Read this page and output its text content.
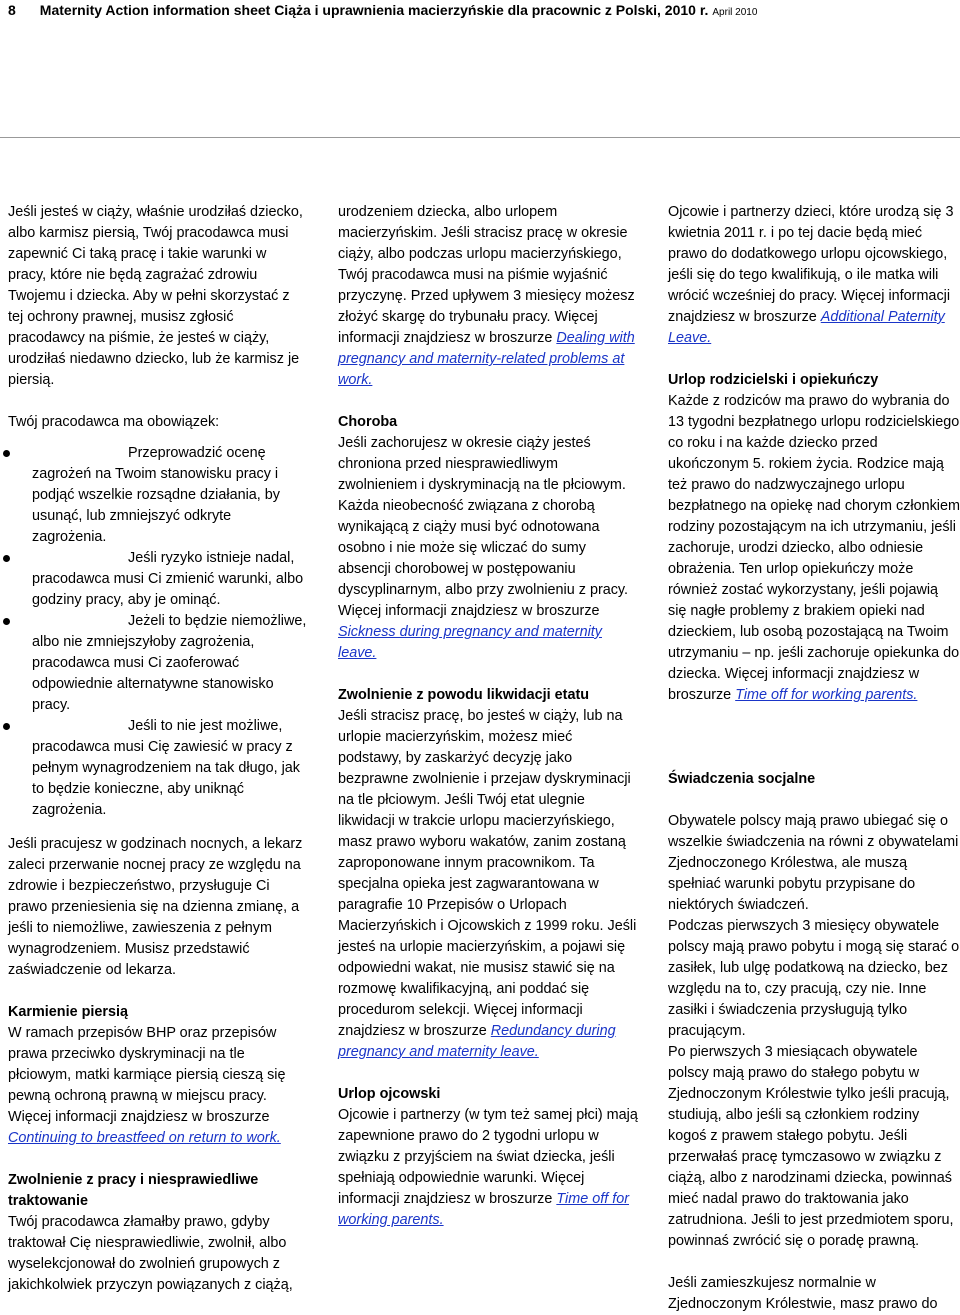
8 Maternity Action information sheet Ciąża i uprawnienia macierzyńskie dla pracownic z Polski, 2010 r. April 2010

Jeśli jesteś w ciąży, właśnie urodziłaś dziecko, albo karmisz piersią, Twój pracodawca musi zapewnić Ci taką pracę i takie warunki w pracy, które nie będą zagrażać zdrowiu Twojemu i dziecka. Aby w pełni skorzystać z tej ochrony prawnej, musisz zgłosić pracodawcy na piśmie, że jesteś w ciąży, urodziłaś niedawno dziecko, lub że karmisz je piersią.

Twój pracodawca ma obowiązek:

Przeprowadzić ocenę zagrożeń na Twoim stanowisku pracy i podjąć wszelkie rozsądne działania, by usunąć, lub zmniejszyć odkryte zagrożenia.
Jeśli ryzyko istnieje nadal, pracodawca musi Ci zmienić warunki, albo godziny pracy, aby je ominąć.
Jeżeli to będzie niemożliwe, albo nie zmniejszyłoby zagrożenia, pracodawca musi Ci zaoferować odpowiednie alternatywne stanowisko pracy.
Jeśli to nie jest możliwe, pracodawca musi Cię zawiesić w pracy z pełnym wynagrodzeniem na tak długo, jak to będzie konieczne, aby uniknąć zagrożenia.

Jeśli pracujesz w godzinach nocnych, a lekarz zaleci przerwanie nocnej pracy ze względu na zdrowie i bezpieczeństwo, przysługuje Ci prawo przeniesienia się na dzienna zmianę, a jeśli to niemożliwe, zawieszenia z pełnym wynagrodzeniem. Musisz przedstawić zaświadczenie od lekarza.

Karmienie piersią

W ramach przepisów BHP oraz przepisów prawa przeciwko dyskryminacji na tle płciowym, matki karmiące piersią cieszą się pewną ochroną prawną w miejscu pracy. Więcej informacji znajdziesz w broszurze Continuing to breastfeed on return to work.

Zwolnienie z pracy i niesprawiedliwe traktowanie

Twój pracodawca złamałby prawo, gdyby traktował Cię niesprawiedliwie, zwolnił, albo wyselekcjonował do zwolnień grupowych z jakichkolwiek przyczyn powiązanych z ciążą,

urodzeniem dziecka, albo urlopem macierzyńskim. Jeśli stracisz pracę w okresie ciąży, albo podczas urlopu macierzyńskiego, Twój pracodawca musi na piśmie wyjaśnić przyczynę. Przed upływem 3 miesięcy możesz złożyć skargę do trybunału pracy. Więcej informacji znajdziesz w broszurze Dealing with pregnancy and maternity-related problems at work.

Choroba

Jeśli zachorujesz w okresie ciąży jesteś chroniona przed niesprawiedliwym zwolnieniem i dyskryminacją na tle płciowym. Każda nieobecność związana z chorobą wynikającą z ciąży musi być odnotowana osobno i nie może się wliczać do sumy absencji chorobowej w postępowaniu dyscyplinarnym, albo przy zwolnieniu z pracy. Więcej informacji znajdziesz w broszurze Sickness during pregnancy and maternity leave.

Zwolnienie z powodu likwidacji etatu

Jeśli stracisz pracę, bo jesteś w ciąży, lub na urlopie macierzyńskim, możesz mieć podstawy, by zaskarżyć decyzję jako bezprawne zwolnienie i przejaw dyskryminacji na tle płciowym. Jeśli Twój etat ulegnie likwidacji w trakcie urlopu macierzyńskiego, masz prawo wyboru wakatów, zanim zostaną zaproponowane innym pracownikom. Ta specjalna opieka jest zagwarantowana w paragrafie 10 Przepisów o Urlopach Macierzyńskich i Ojcowskich z 1999 roku. Jeśli jesteś na urlopie macierzyńskim, a pojawi się odpowiedni wakat, nie musisz stawić się na rozmowę kwalifikacyjną, ani poddać się procedurom selekcji. Więcej informacji znajdziesz w broszurze Redundancy during pregnancy and maternity leave.

Urlop ojcowski

Ojcowie i partnerzy (w tym też samej płci) mają zapewnione prawo do 2 tygodni urlopu w związku z przyjściem na świat dziecka, jeśli spełniają odpowiednie warunki. Więcej informacji znajdziesz w broszurze Time off for working parents.

Ojcowie i partnerzy dzieci, które urodzą się 3 kwietnia 2011 r. i po tej dacie będą mieć prawo do dodatkowego urlopu ojcowskiego, jeśli się do tego kwalifikują, o ile matka wili wrócić wcześniej do pracy. Więcej informacji znajdziesz w broszurze Additional Paternity Leave.

Urlop rodzicielski i opiekuńczy

Każde z rodziców ma prawo do wybrania do 13 tygodni bezpłatnego urlopu rodzicielskiego co roku i na każde dziecko przed ukończonym 5. rokiem życia. Rodzice mają też prawo do nadzwyczajnego urlopu bezpłatnego na opiekę nad chorym członkiem rodziny pozostającym na ich utrzymaniu, jeśli zachoruje, urodzi dziecko, albo odniesie obrażenia. Ten urlop opiekuńczy może również zostać wykorzystany, jeśli pojawią się nagłe problemy z brakiem opieki nad dzieckiem, lub osobą pozostającą na Twoim utrzymaniu – np. jeśli zachoruje opiekunka do dziecka. Więcej informacji znajdziesz w broszurze Time off for working parents.

Świadczenia socjalne

Obywatele polscy mają prawo ubiegać się o wszelkie świadczenia na równi z obywatelami Zjednoczonego Królestwa, ale muszą spełniać warunki pobytu przypisane do niektórych świadczeń.

Podczas pierwszych 3 miesięcy obywatele polscy mają prawo pobytu i mogą się starać o zasiłek, lub ulgę podatkową na dziecko, bez względu na to, czy pracują, czy nie. Inne zasiłki i świadczenia przysługują tylko pracującym.

Po pierwszych 3 miesiącach obywatele polscy mają prawo do stałego pobytu w Zjednoczonym Królestwie tylko jeśli pracują, studiują, albo jeśli są członkiem rodziny kogoś z prawem stałego pobytu. Jeśli przerwałaś pracę tymczasowo w związku z ciążą, albo z narodzinami dziecka, powinnaś mieć nadal prawo do traktowania jako zatrudniona. Jeśli to jest przedmiotem sporu, powinnaś zwrócić się o poradę prawną.

Jeśli zamieszkujesz normalnie w Zjednoczonym Królestwie, masz prawo do
